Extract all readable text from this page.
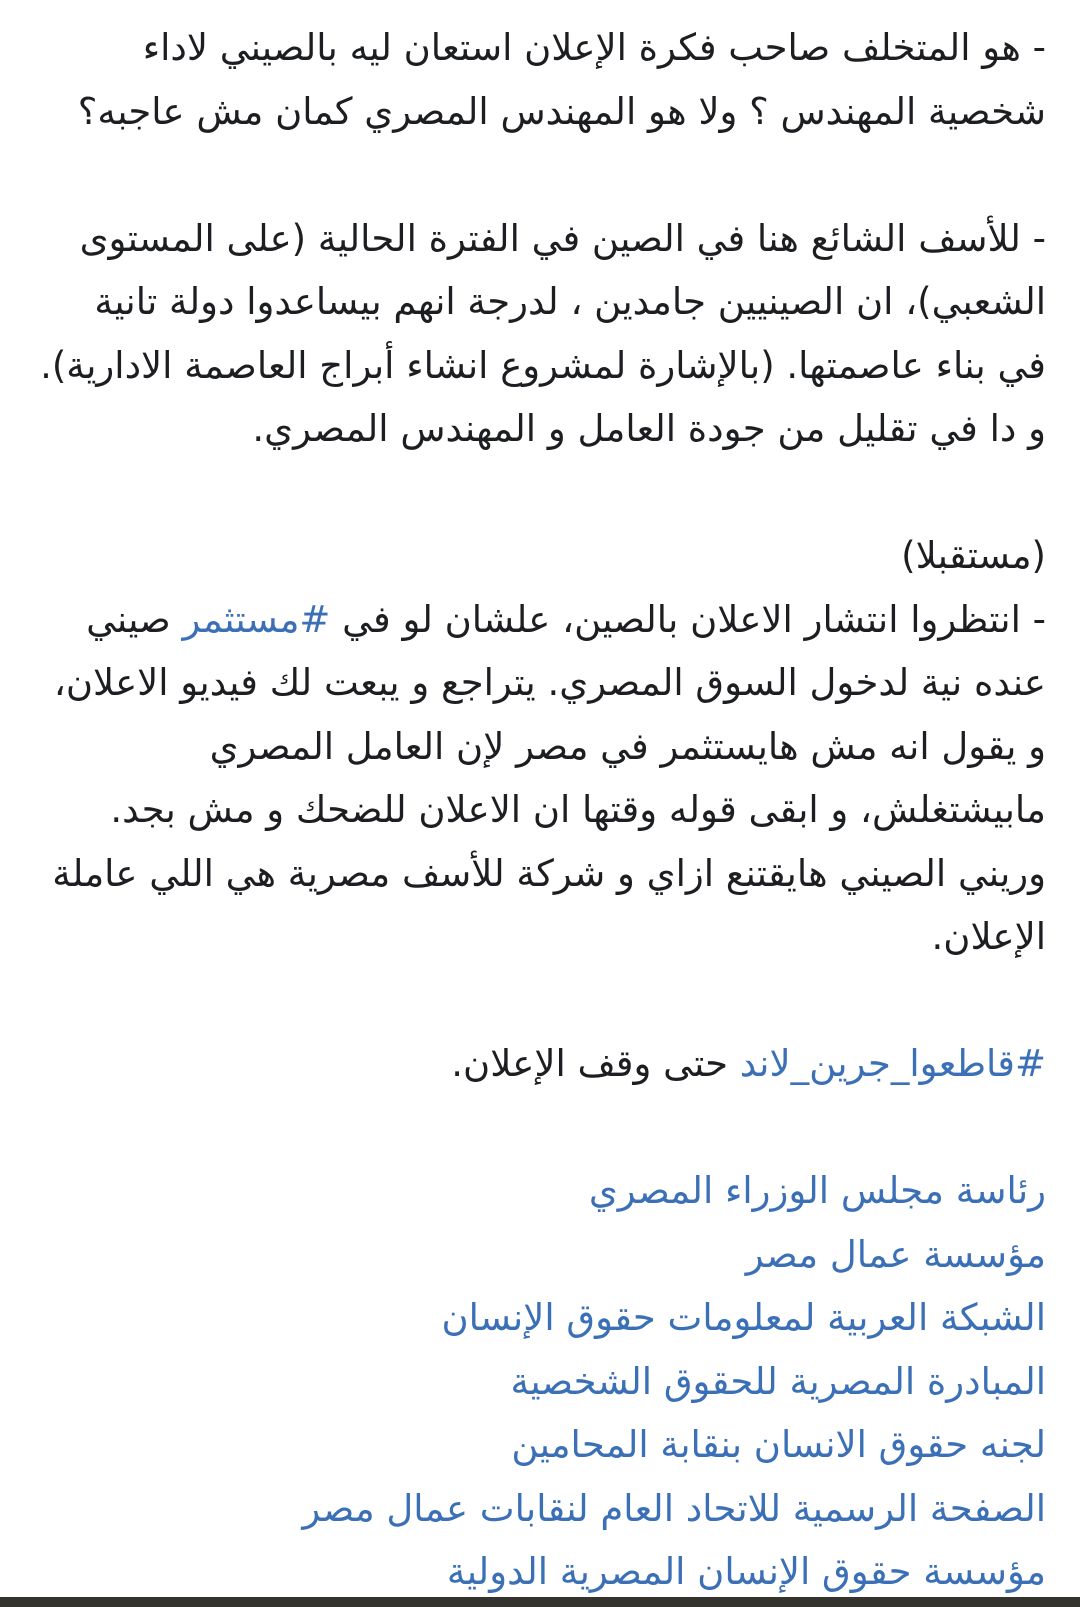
- هو المتخلف صاحب فكرة الإعلان استعان ليه بالصيني لاداء
شخصية المهندس ؟ ولا هو المهندس المصري كمان مش عاجبه؟

- للأسف الشائع هنا في الصين في الفترة الحالية (على المستوى
الشعبي)، ان الصينيين جامدين ، لدرجة انهم بيساعدوا دولة تانية
في بناء عاصمتها. (بالإشارة لمشروع انشاء أبراج العاصمة الادارية).
و دا في تقليل من جودة العامل و المهندس المصري.

(مستقبلا)

- انتظروا انتشار الاعلان بالصين، علشان لو في #مستثمر صيني عنده نية لدخول السوق المصري. يتراجع و يبعت لك فيديو الاعلان، و يقول انه مش هايستثمر في مصر لإن العامل المصري مابيشتغلش، و ابقى قوله وقتها ان الاعلان للضحك و مش بجد. وريني الصيني هايقتنع ازاي و شركة للأسف مصرية هي اللي عاملة الإعلان.

#قاطعوا_جرين_لاند حتى وقف الإعلان.

رئاسة مجلس الوزراء المصري
مؤسسة عمال مصر
الشبكة العربية لمعلومات حقوق الإنسان
المبادرة المصرية للحقوق الشخصية
لجنه حقوق الانسان بنقابة المحامين
الصفحة الرسمية للاتحاد العام لنقابات عمال مصر
مؤسسة حقوق الإنسان المصرية الدولية
